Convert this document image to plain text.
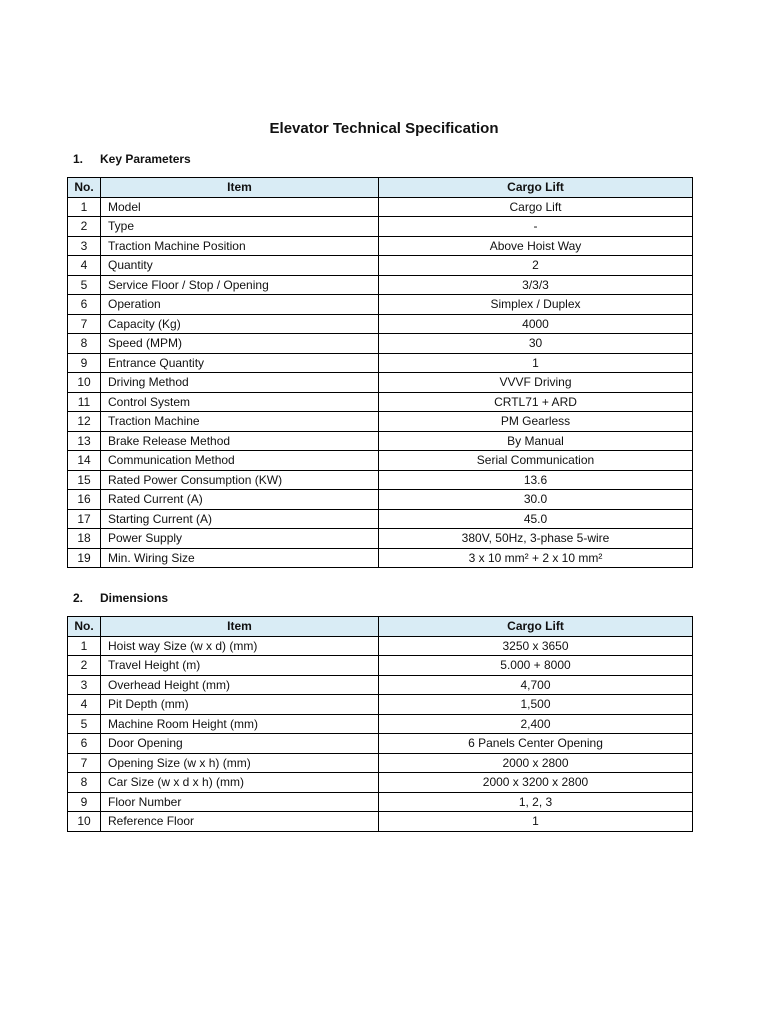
Elevator Technical Specification
1. Key Parameters
No.	Item	Cargo Lift
1	Model	Cargo Lift
2	Type	-
3	Traction Machine Position	Above Hoist Way
4	Quantity	2
5	Service Floor / Stop / Opening	3/3/3
6	Operation	Simplex / Duplex
7	Capacity (Kg)	4000
8	Speed (MPM)	30
9	Entrance Quantity	1
10	Driving Method	VVVF Driving
11	Control System	CRTL71 + ARD
12	Traction Machine	PM Gearless
13	Brake Release Method	By Manual
14	Communication Method	Serial Communication
15	Rated Power Consumption (KW)	13.6
16	Rated Current (A)	30.0
17	Starting Current (A)	45.0
18	Power Supply	380V, 50Hz, 3-phase 5-wire
19	Min. Wiring Size	3 x 10 mm² + 2 x 10 mm²
2. Dimensions
No.	Item	Cargo Lift
1	Hoist way Size (w x d) (mm)	3250 x 3650
2	Travel Height (m)	5.000 + 8000
3	Overhead Height (mm)	4,700
4	Pit Depth (mm)	1,500
5	Machine Room Height (mm)	2,400
6	Door Opening	6 Panels Center Opening
7	Opening Size (w x h) (mm)	2000 x 2800
8	Car Size (w x d x h) (mm)	2000 x 3200 x 2800
9	Floor Number	1, 2, 3
10	Reference Floor	1
